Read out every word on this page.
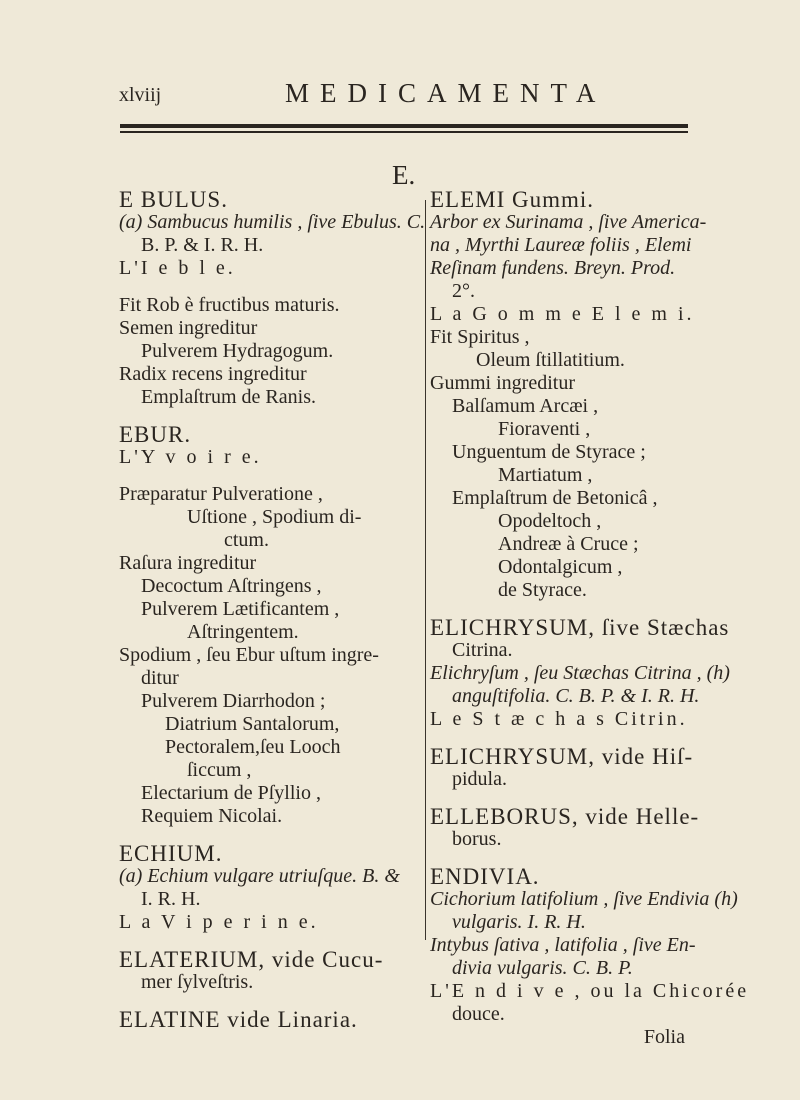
xlviij	MEDICAMENTA
E.
E BULUS.
(a) Sambucus humilis , ſive Ebulus. C.
B. P. & I. R. H.
L'I e b l e.
Fit Rob è fructibus maturis.
Semen ingreditur
Pulverem Hydragogum.
Radix recens ingreditur
Emplaſtrum de Ranis.
EBUR.
L'Y v o i r e.
Præparatur Pulveratione ,
Uſtione , Spodium di-
ctum.
Raſura ingreditur
Decoctum Aſtringens ,
Pulverem Lætificantem ,
Aſtringentem.
Spodium , ſeu Ebur uſtum ingre-
ditur
Pulverem Diarrhodon ;
Diatrium Santalorum,
Pectoralem,ſeu Looch
ſiccum ,
Electarium de Pſyllio ,
Requiem Nicolai.
ECHIUM.
(a) Echium vulgare utriuſque. B. &
I. R. H.
L a V i p e r i n e.
ELATERIUM, vide Cucu-
mer ſylveſtris.
ELATINE vide Linaria.
ELEMI Gummi.
Arbor ex Surinama , ſive America-
na , Myrthi Laureæ foliis , Elemi
Reſinam fundens. Breyn. Prod.
2°.
L a G o m m e E l e m i.
Fit Spiritus ,
Oleum ſtillatitium.
Gummi ingreditur
Balſamum Arcæi ,
Fioraventi ,
Unguentum de Styrace ;
Martiatum ,
Emplaſtrum de Betonicâ ,
Opodeltoch ,
Andreæ à Cruce ;
Odontalgicum ,
de Styrace.
ELICHRYSUM, ſive Stæchas
Citrina.
Elichryſum , ſeu Stæchas Citrina , (h)
anguſtifolia. C. B. P. & I. R. H.
L e S t æ c h a s Citrin.
ELICHRYSUM, vide Hiſ-
pidula.
ELLEBORUS, vide Helle-
borus.
ENDIVIA.
Cichorium latifolium , ſive Endivia (h)
vulgaris. I. R. H.
Intybus ſativa , latifolia , ſive En-
divia vulgaris. C. B. P.
L'E n d i v e , ou la Chicorée
douce.
Folia
